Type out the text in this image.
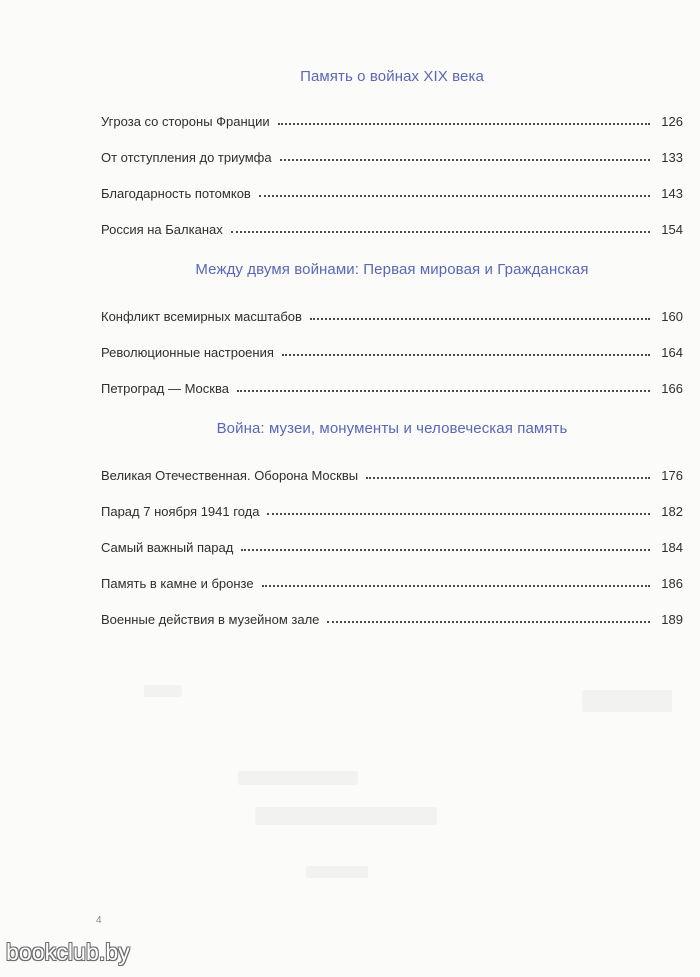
Память о войнах XIX века
Угроза со стороны Франции	126
От отступления до триумфа	133
Благодарность потомков	143
Россия на Балканах	154
Между двумя войнами: Первая мировая и Гражданская
Конфликт всемирных масштабов	160
Революционные настроения	164
Петроград — Москва	166
Война: музеи, монументы и человеческая память
Великая Отечественная. Оборона Москвы	176
Парад 7 ноября 1941 года	182
Самый важный парад	184
Память в камне и бронзе	186
Военные действия в музейном зале	189
4
bookclub.by
